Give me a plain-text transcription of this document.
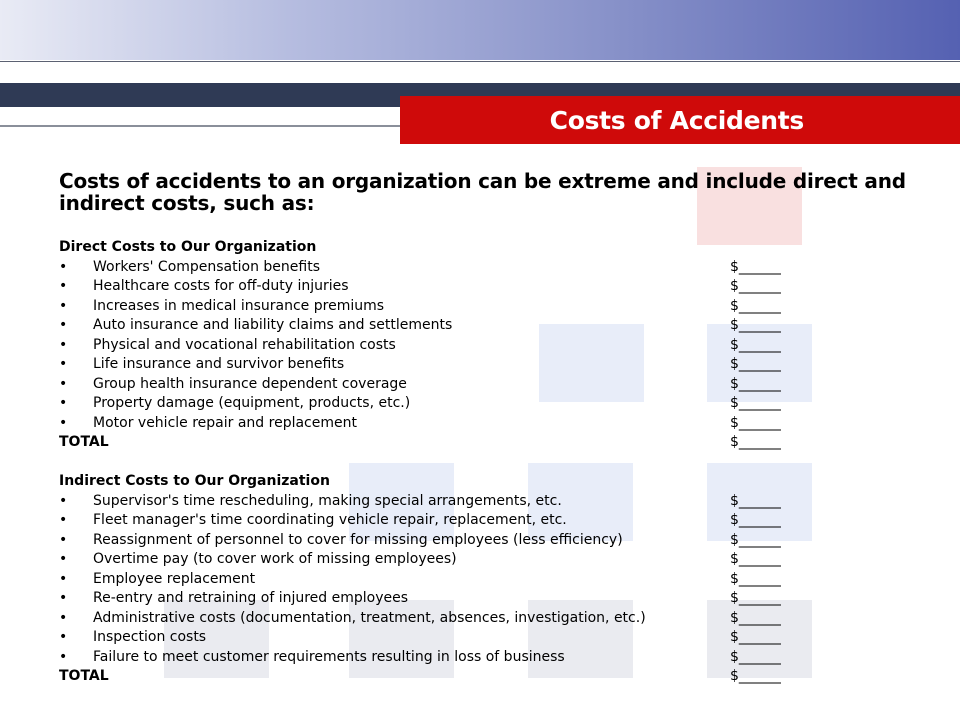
Costs of Accidents

Costs of accidents to an organization can be extreme and include direct and indirect costs, such as:

Direct Costs to Our Organization
• Workers' Compensation benefits	$______
• Healthcare costs for off-duty injuries	$______
• Increases in medical insurance premiums	$______
• Auto insurance and liability claims and settlements	$______
• Physical and vocational rehabilitation costs	$______
• Life insurance and survivor benefits	$______
• Group health insurance dependent coverage	$______
• Property damage (equipment, products, etc.)	$______
• Motor vehicle repair and replacement	$______
TOTAL	$______
Indirect Costs to Our Organization
• Supervisor's time rescheduling, making special arrangements, etc.	$______
• Fleet manager's time coordinating vehicle repair, replacement, etc.	$______
• Reassignment of personnel to cover for missing employees (less efficiency)	$______
• Overtime pay (to cover work of missing employees)	$______
• Employee replacement	$______
• Re-entry and retraining of injured employees	$______
• Administrative costs (documentation, treatment, absences, investigation, etc.)	$______
• Inspection costs	$______
• Failure to meet customer requirements resulting in loss of business	$______
TOTAL	$______
